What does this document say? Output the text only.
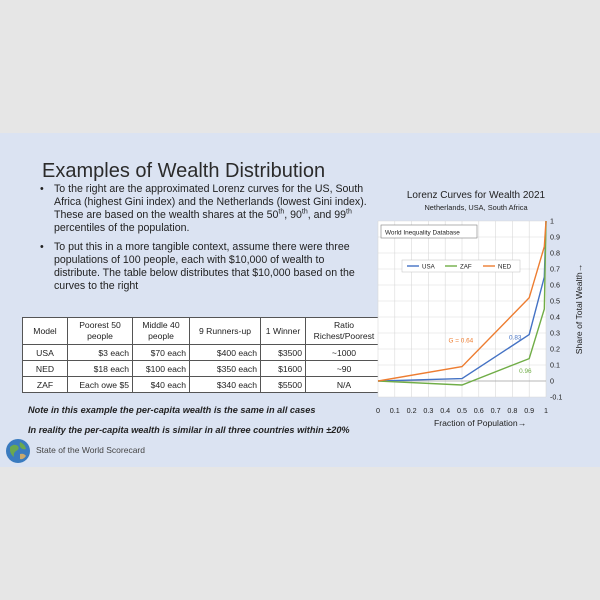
Examples of Wealth Distribution
• To the right are the approximated Lorenz curves for the US, South Africa (highest Gini index) and the Netherlands (lowest Gini index). These are based on the wealth shares at the 50th, 90th, and 99th percentiles of the population.
• To put this in a more tangible context, assume there were three populations of 100 people, each with $10,000 of wealth to distribute. The table below distributes that $10,000 based on the curves to the right
Model	Poorest 50 people	Middle 40 people	9 Runners-up	1 Winner	Ratio Richest/Poorest
USA	$3 each	$70 each	$400 each	$3500	~1000
NED	$18 each	$100 each	$350 each	$1600	~90
ZAF	Each owe $5	$40 each	$340 each	$5500	N/A
Note in this example the per-capita wealth is the same in all cases
In reality the per-capita wealth is similar in all three countries within ±20%
State of the World Scorecard
Lorenz Curves for Wealth 2021
Netherlands, USA, South Africa
-0.1
0
0.1
0.2
0.3
0.4
0.5
0.6
0.7
0.8
0.9
1
0 0.1 0.2 0.3 0.4 0.5 0.6 0.7 0.8 0.9 1
G = 0.64	0.83
0.96
World Inequality Database
USA	ZAF	NED
Fraction of Population→
Share of Total Wealth→
